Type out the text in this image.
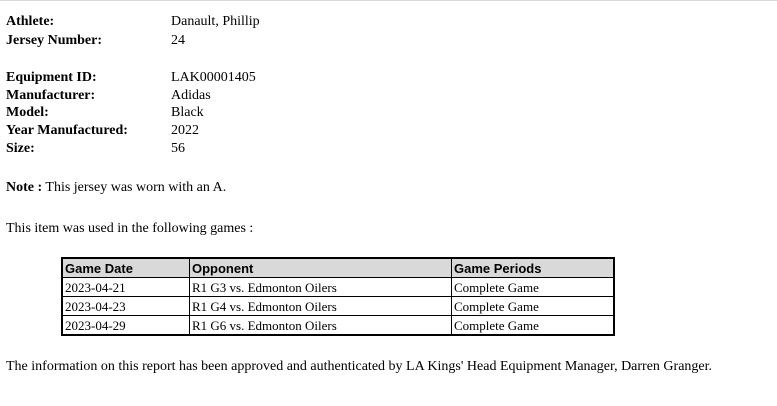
Athlete:	Danault, Phillip
Jersey Number:	24
Equipment ID:	LAK00001405
Manufacturer:	Adidas
Model:	Black
Year Manufactured:	2022
Size:	56
Note : This jersey was worn with an A.
This item was used in the following games :
Game Date	Opponent	Game Periods
2023-04-21	R1 G3 vs. Edmonton Oilers	Complete Game
2023-04-23	R1 G4 vs. Edmonton Oilers	Complete Game
2023-04-29	R1 G6 vs. Edmonton Oilers	Complete Game
The information on this report has been approved and authenticated by LA Kings' Head Equipment Manager, Darren Granger.
